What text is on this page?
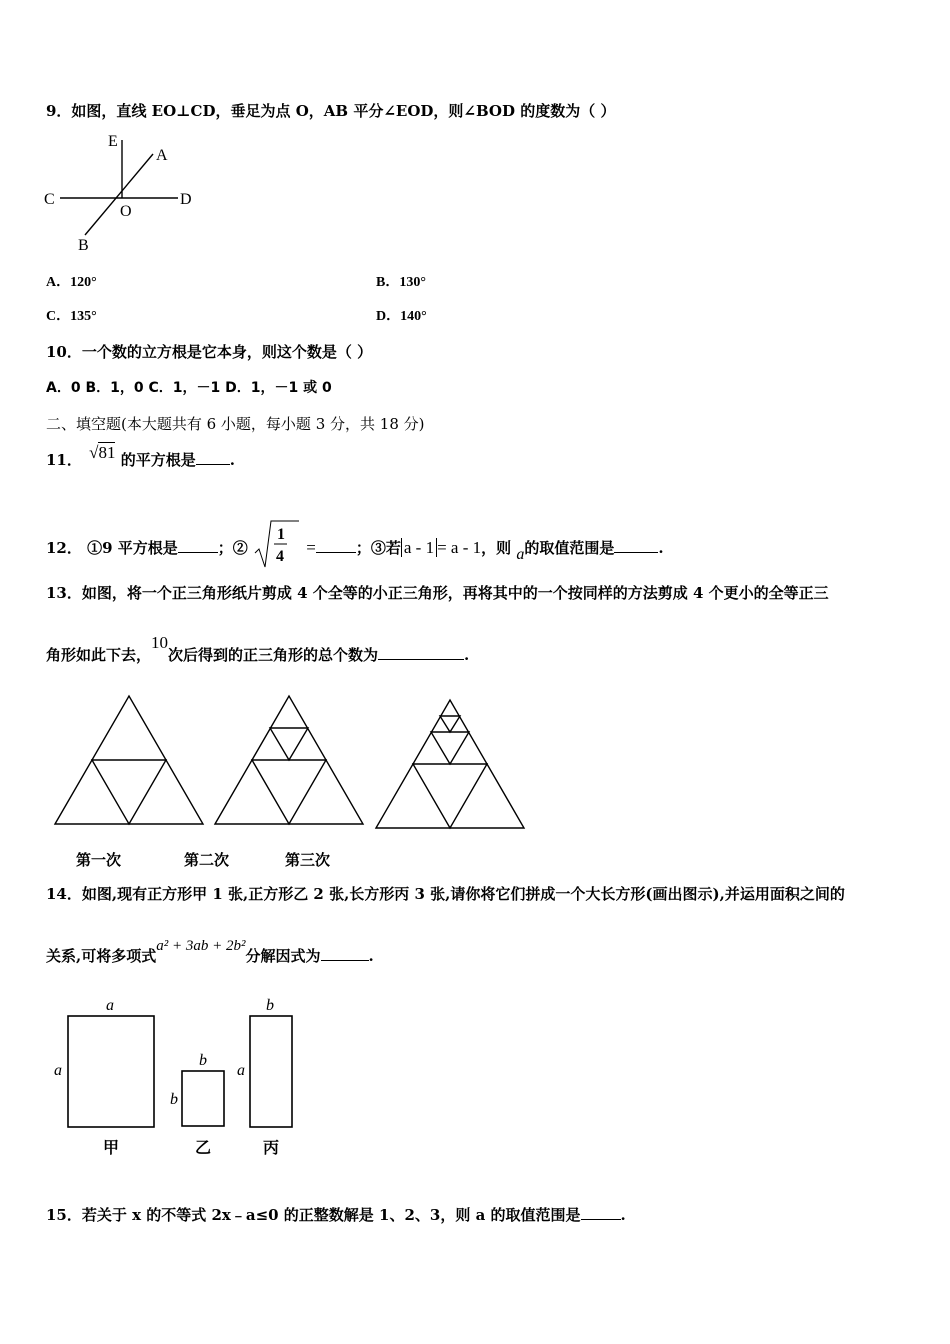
9．如图，直线 EO⊥CD，垂足为点 O，AB 平分∠EOD，则∠BOD 的度数为（ ）
E
A
C
O
D
B
A．120°	B．130°
C．135°	D．140°
10．一个数的立方根是它本身，则这个数是（ ）
A．0 B．1，0 C．1，－1 D．1，－1 或 0
二、填空题(本大题共有 6 小题，每小题 3 分，共 18 分)
11． √81 的平方根是 .
12． ①9 平方根是	；②
1
4 =	；③若 a - 1 = a - 1，则 a的取值范围是	.
13．如图，将一个正三角形纸片剪成 4 个全等的小正三角形，再将其中的一个按同样的方法剪成 4 个更小的全等正三
角形如此下去，10次后得到的正三角形的总个数为	.
第一次	第二次	第三次
14．如图,现有正方形甲 1 张,正方形乙 2 张,长方形丙 3 张,请你将它们拼成一个大长方形(画出图示),并运用面积之间的
关系,可将多项式a² + 3ab + 2b²分解因式为	.
a
a
甲
b
b
乙
b
a
丙
15．若关于 x 的不等式 2x﹣a≤0 的正整数解是 1、2、3，则 a 的取值范围是	.
